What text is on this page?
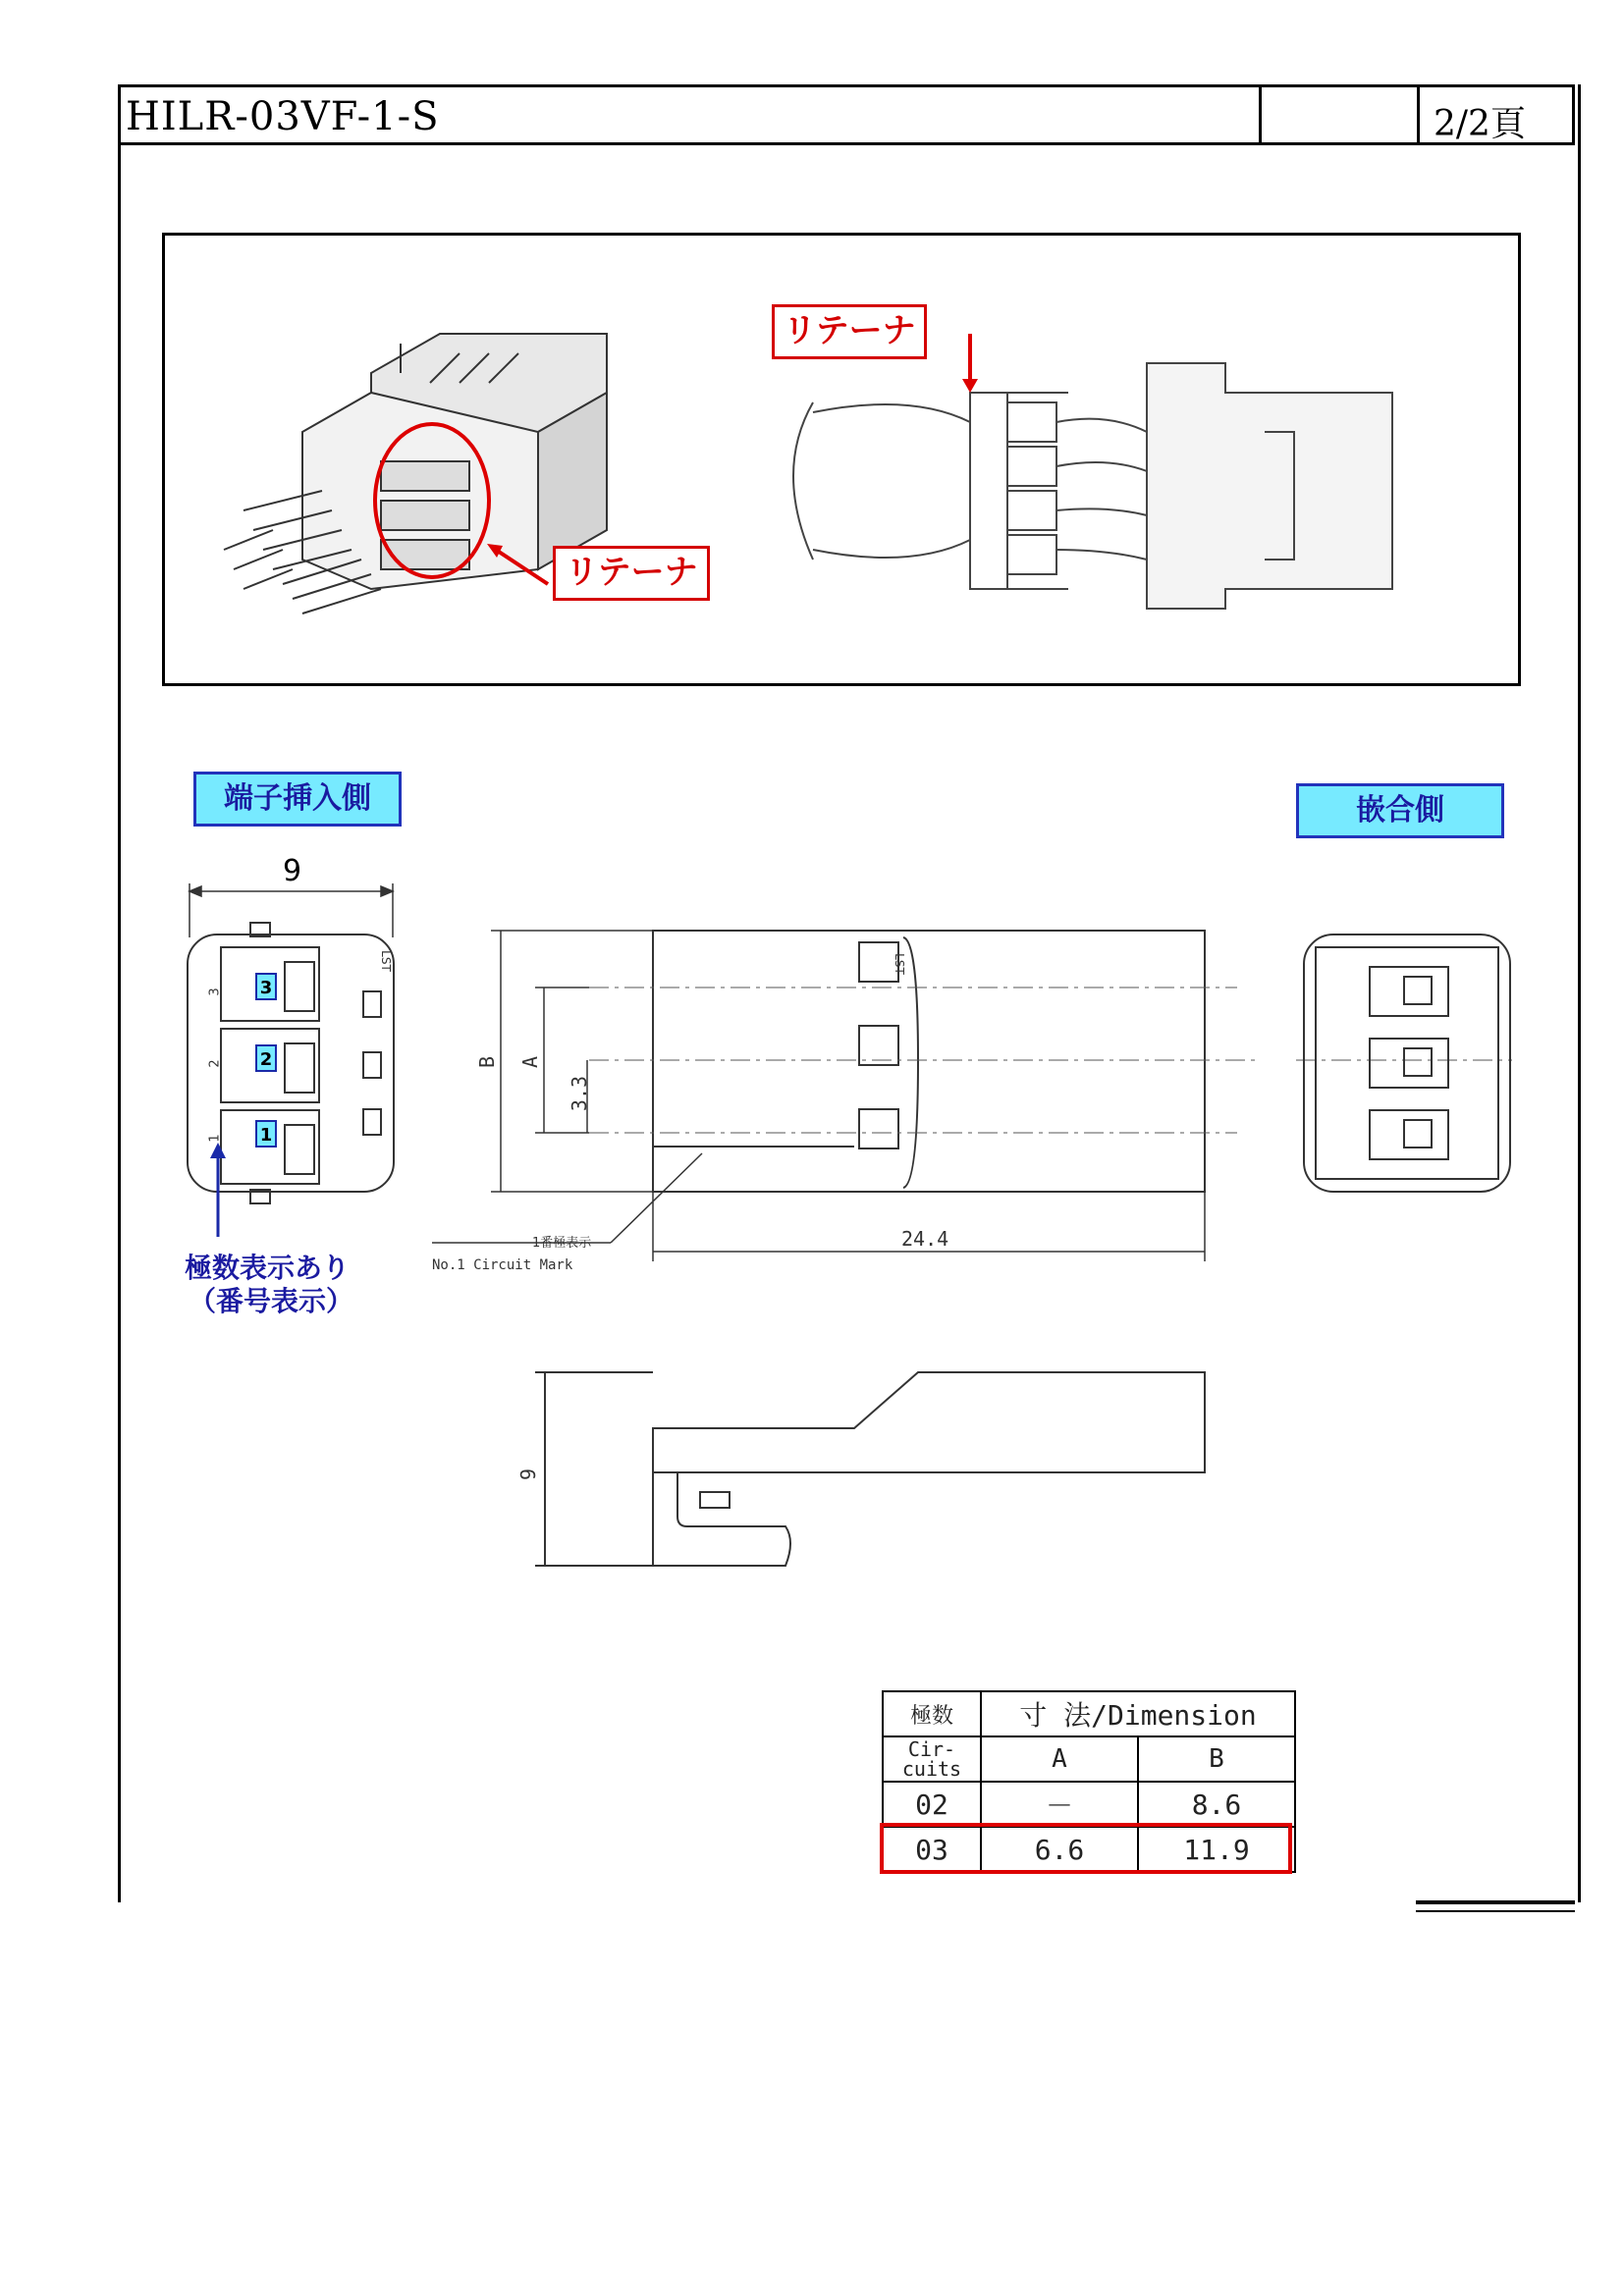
HILR-03VF-1-S	2/2頁
リテーナ
リテーナ
端子挿入側	嵌合側
3
2
1
3
2
1
LST	LST
9
B A
3.3
24.4
9
1番極表示
No.1 Circuit Mark
極数表示あり
（番号表示）
極数	寸 法/Dimension	
Cir-cuits	A	B
02	－	8.6
03	6.6	11.9
